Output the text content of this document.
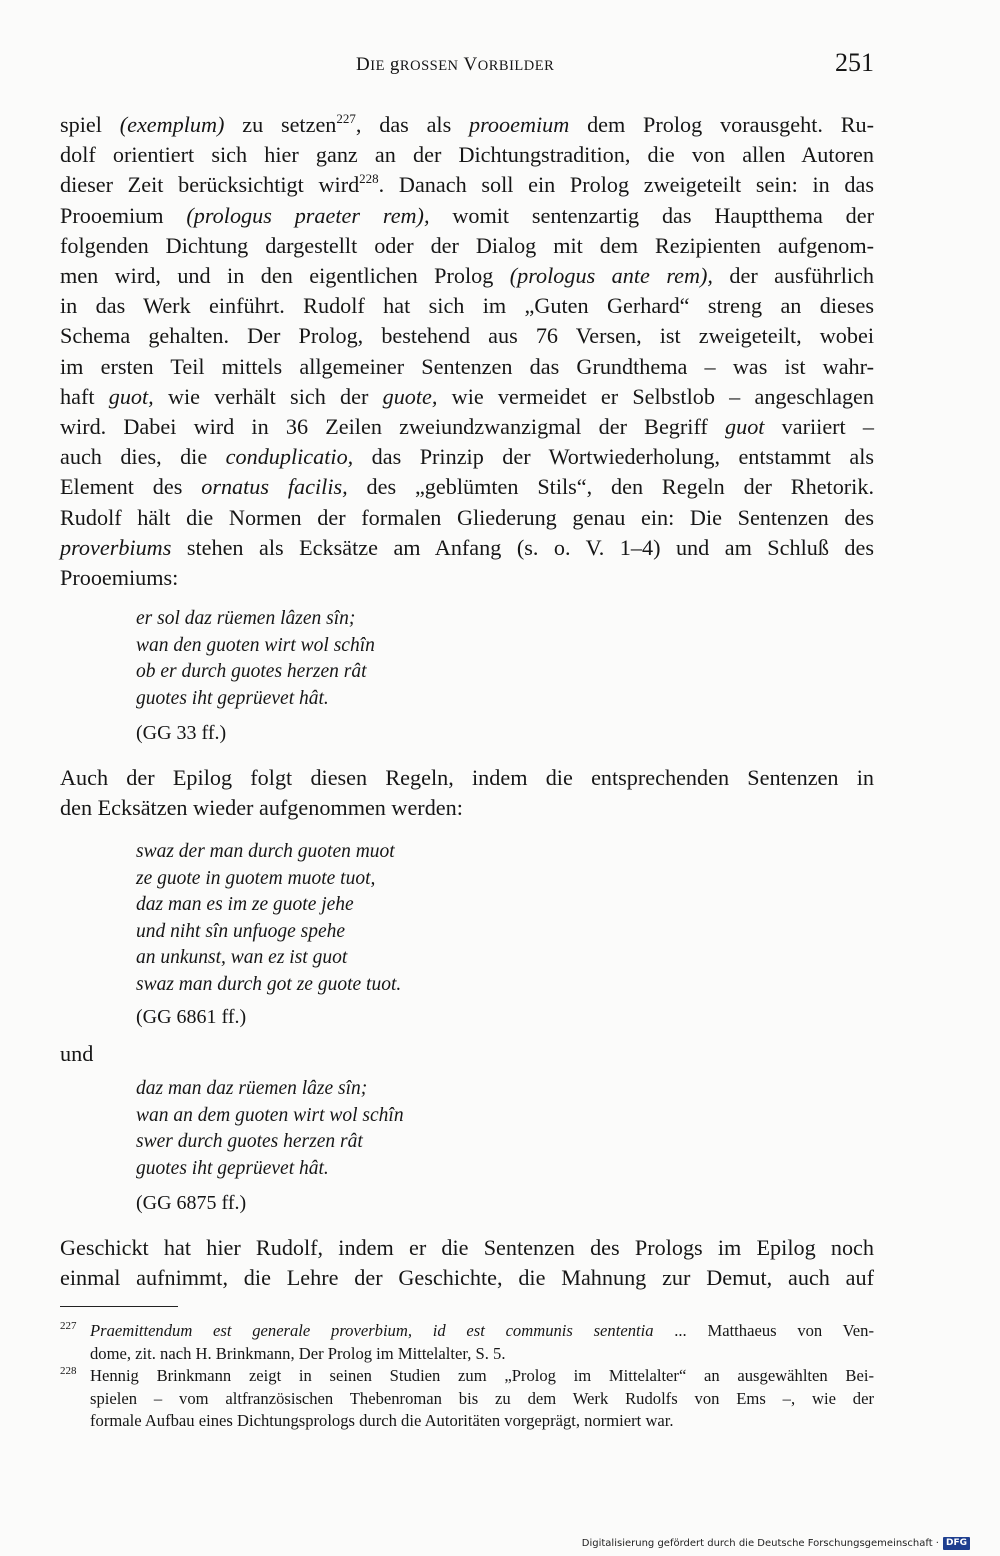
DIE gROSSEN VORBILDER	251
spiel (exemplum) zu setzen$^{227}$, das als prooemium dem Prolog vorausgeht. Ru-
dolf orientiert sich hier ganz an der Dichtungstradition, die von allen Autoren
dieser Zeit berücksichtigt wird$^{228}$. Danach soll ein Prolog zweigeteilt sein: in das
Prooemium (prologus praeter rem), womit sentenzartig das Hauptthema der
folgenden Dichtung dargestellt oder der Dialog mit dem Rezipienten aufgenom-
men wird, und in den eigentlichen Prolog (prologus ante rem), der ausführlich
in das Werk einführt. Rudolf hat sich im „Guten Gerhard“ streng an dieses
Schema gehalten. Der Prolog, bestehend aus 76 Versen, ist zweigeteilt, wobei
im ersten Teil mittels allgemeiner Sentenzen das Grundthema – was ist wahr-
haft guot, wie verhält sich der guote, wie vermeidet er Selbstlob – angeschlagen
wird. Dabei wird in 36 Zeilen zweiundzwanzigmal der Begriff guot variiert –
auch dies, die conduplicatio, das Prinzip der Wortwiederholung, entstammt als
Element des ornatus facilis, des „geblümten Stils“, den Regeln der Rhetorik.
Rudolf hält die Normen der formalen Gliederung genau ein: Die Sentenzen des
proverbiums stehen als Ecksätze am Anfang (s. o. V. 1–4) und am Schluß des
Prooemiums:
er sol daz rüemen lâzen sîn;
wan den guoten wirt wol schîn
ob er durch guotes herzen rât
guotes iht geprüevet hât.
(GG 33 ff.)
Auch der Epilog folgt diesen Regeln, indem die entsprechenden Sentenzen in
den Ecksätzen wieder aufgenommen werden:
swaz der man durch guoten muot
ze guote in guotem muote tuot,
daz man es im ze guote jehe
und niht sîn unfuoge spehe
an unkunst, wan ez ist guot
swaz man durch got ze guote tuot.
(GG 6861 ff.)
und
daz man daz rüemen lâze sîn;
wan an dem guoten wirt wol schîn
swer durch guotes herzen rât
guotes iht geprüevet hât.
(GG 6875 ff.)
Geschickt hat hier Rudolf, indem er die Sentenzen des Prologs im Epilog noch
einmal aufnimmt, die Lehre der Geschichte, die Mahnung zur Demut, auch auf
227 Praemittendum est generale proverbium, id est communis sententia ... Matthaeus von Ven-
dome, zit. nach H. Brinkmann, Der Prolog im Mittelalter, S. 5.
228 Hennig Brinkmann zeigt in seinen Studien zum „Prolog im Mittelalter“ an ausgewählten Bei-
spielen – vom altfranzösischen Thebenroman bis zu dem Werk Rudolfs von Ems –, wie der
formale Aufbau eines Dichtungsprologs durch die Autoritäten vorgeprägt, normiert war.
Digitalisierung gefördert durch die Deutsche Forschungsgemeinschaft · DFG
